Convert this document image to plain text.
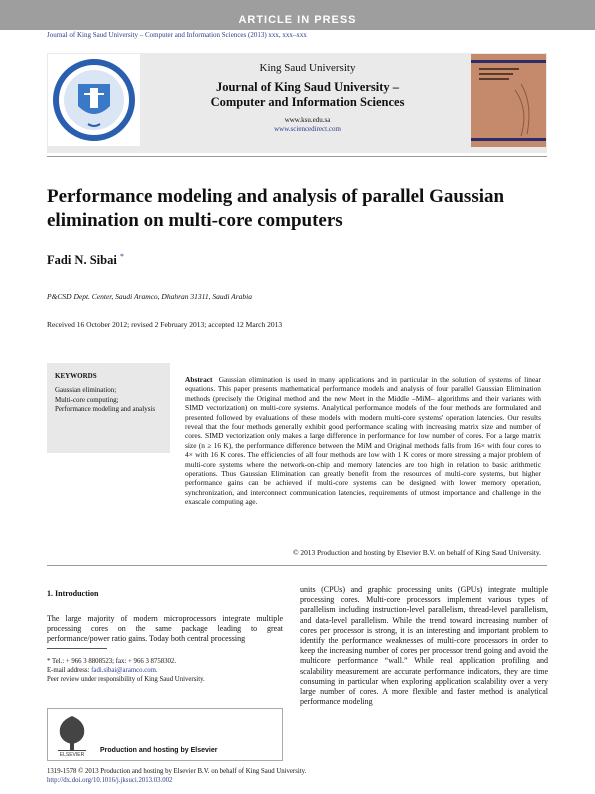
ARTICLE IN PRESS
Journal of King Saud University – Computer and Information Sciences (2013) xxx, xxx–xxx
King Saud University
Journal of King Saud University –
Computer and Information Sciences
www.ksu.edu.sa
www.sciencedirect.com
Performance modeling and analysis of parallel Gaussian elimination on multi-core computers
Fadi N. Sibai *
P&CSD Dept. Center, Saudi Aramco, Dhahran 31311, Saudi Arabia
Received 16 October 2012; revised 2 February 2013; accepted 12 March 2013
KEYWORDS
Gaussian elimination;
Multi-core computing;
Performance modeling and analysis
Abstract Gaussian elimination is used in many applications and in particular in the solution of systems of linear equations. This paper presents mathematical performance models and analysis of four parallel Gaussian Elimination methods (precisely the Original method and the new Meet in the Middle –MiM– algorithms and their variants with SIMD vectorization) on multi-core systems. Analytical performance models of the four methods are formulated and presented followed by evaluations of these models with modern multi-core systems' operation latencies. Our results reveal that the four methods generally exhibit good performance scaling with increasing matrix size and number of cores. SIMD vectorization only makes a large difference in performance for low number of cores. For a large matrix size (n ≥ 16 K), the performance difference between the MiM and Original methods falls from 16× with four cores to 4× with 16 K cores. The efficiencies of all four methods are low with 1 K cores or more stressing a major problem of multi-core systems where the network-on-chip and memory latencies are too high in relation to basic arithmetic operations. Thus Gaussian Elimination can greatly benefit from the resources of multi-core systems, but higher performance gains can be achieved if multi-core systems can be designed with lower memory operation, synchronization, and interconnect communication latencies, requirements of utmost importance and challenge in the exascale computing age.
© 2013 Production and hosting by Elsevier B.V. on behalf of King Saud University.
1. Introduction
The large majority of modern microprocessors integrate multiple processing cores on the same package leading to great performance/power ratio gains. Today both central processing
* Tel.: + 966 3 8808523; fax: + 966 3 8758302.
E-mail address: fadi.sibai@aramco.com.
Peer review under responsibility of King Saud University.
ELSEVIER
Production and hosting by Elsevier
units (CPUs) and graphic processing units (GPUs) integrate multiple processing cores. Multi-core processors implement various types of parallelism including instruction-level parallelism, thread-level parallelism, and data-level parallelism. While the trend toward increasing number of cores per processor is strong, it is an interesting and important problem to identify the performance weaknesses of multi-core processors in order to keep the increasing number of cores per processor trend going and avoid the multicore performance “wall.” While real application profiling and scalability measurement are accurate performance indicators, they are time consuming in particular when exploring application scalability over a very large number of cores. A more flexible and faster method is analytical performance modeling
1319-1578 © 2013 Production and hosting by Elsevier B.V. on behalf of King Saud University.
http://dx.doi.org/10.1016/j.jksuci.2013.03.002
